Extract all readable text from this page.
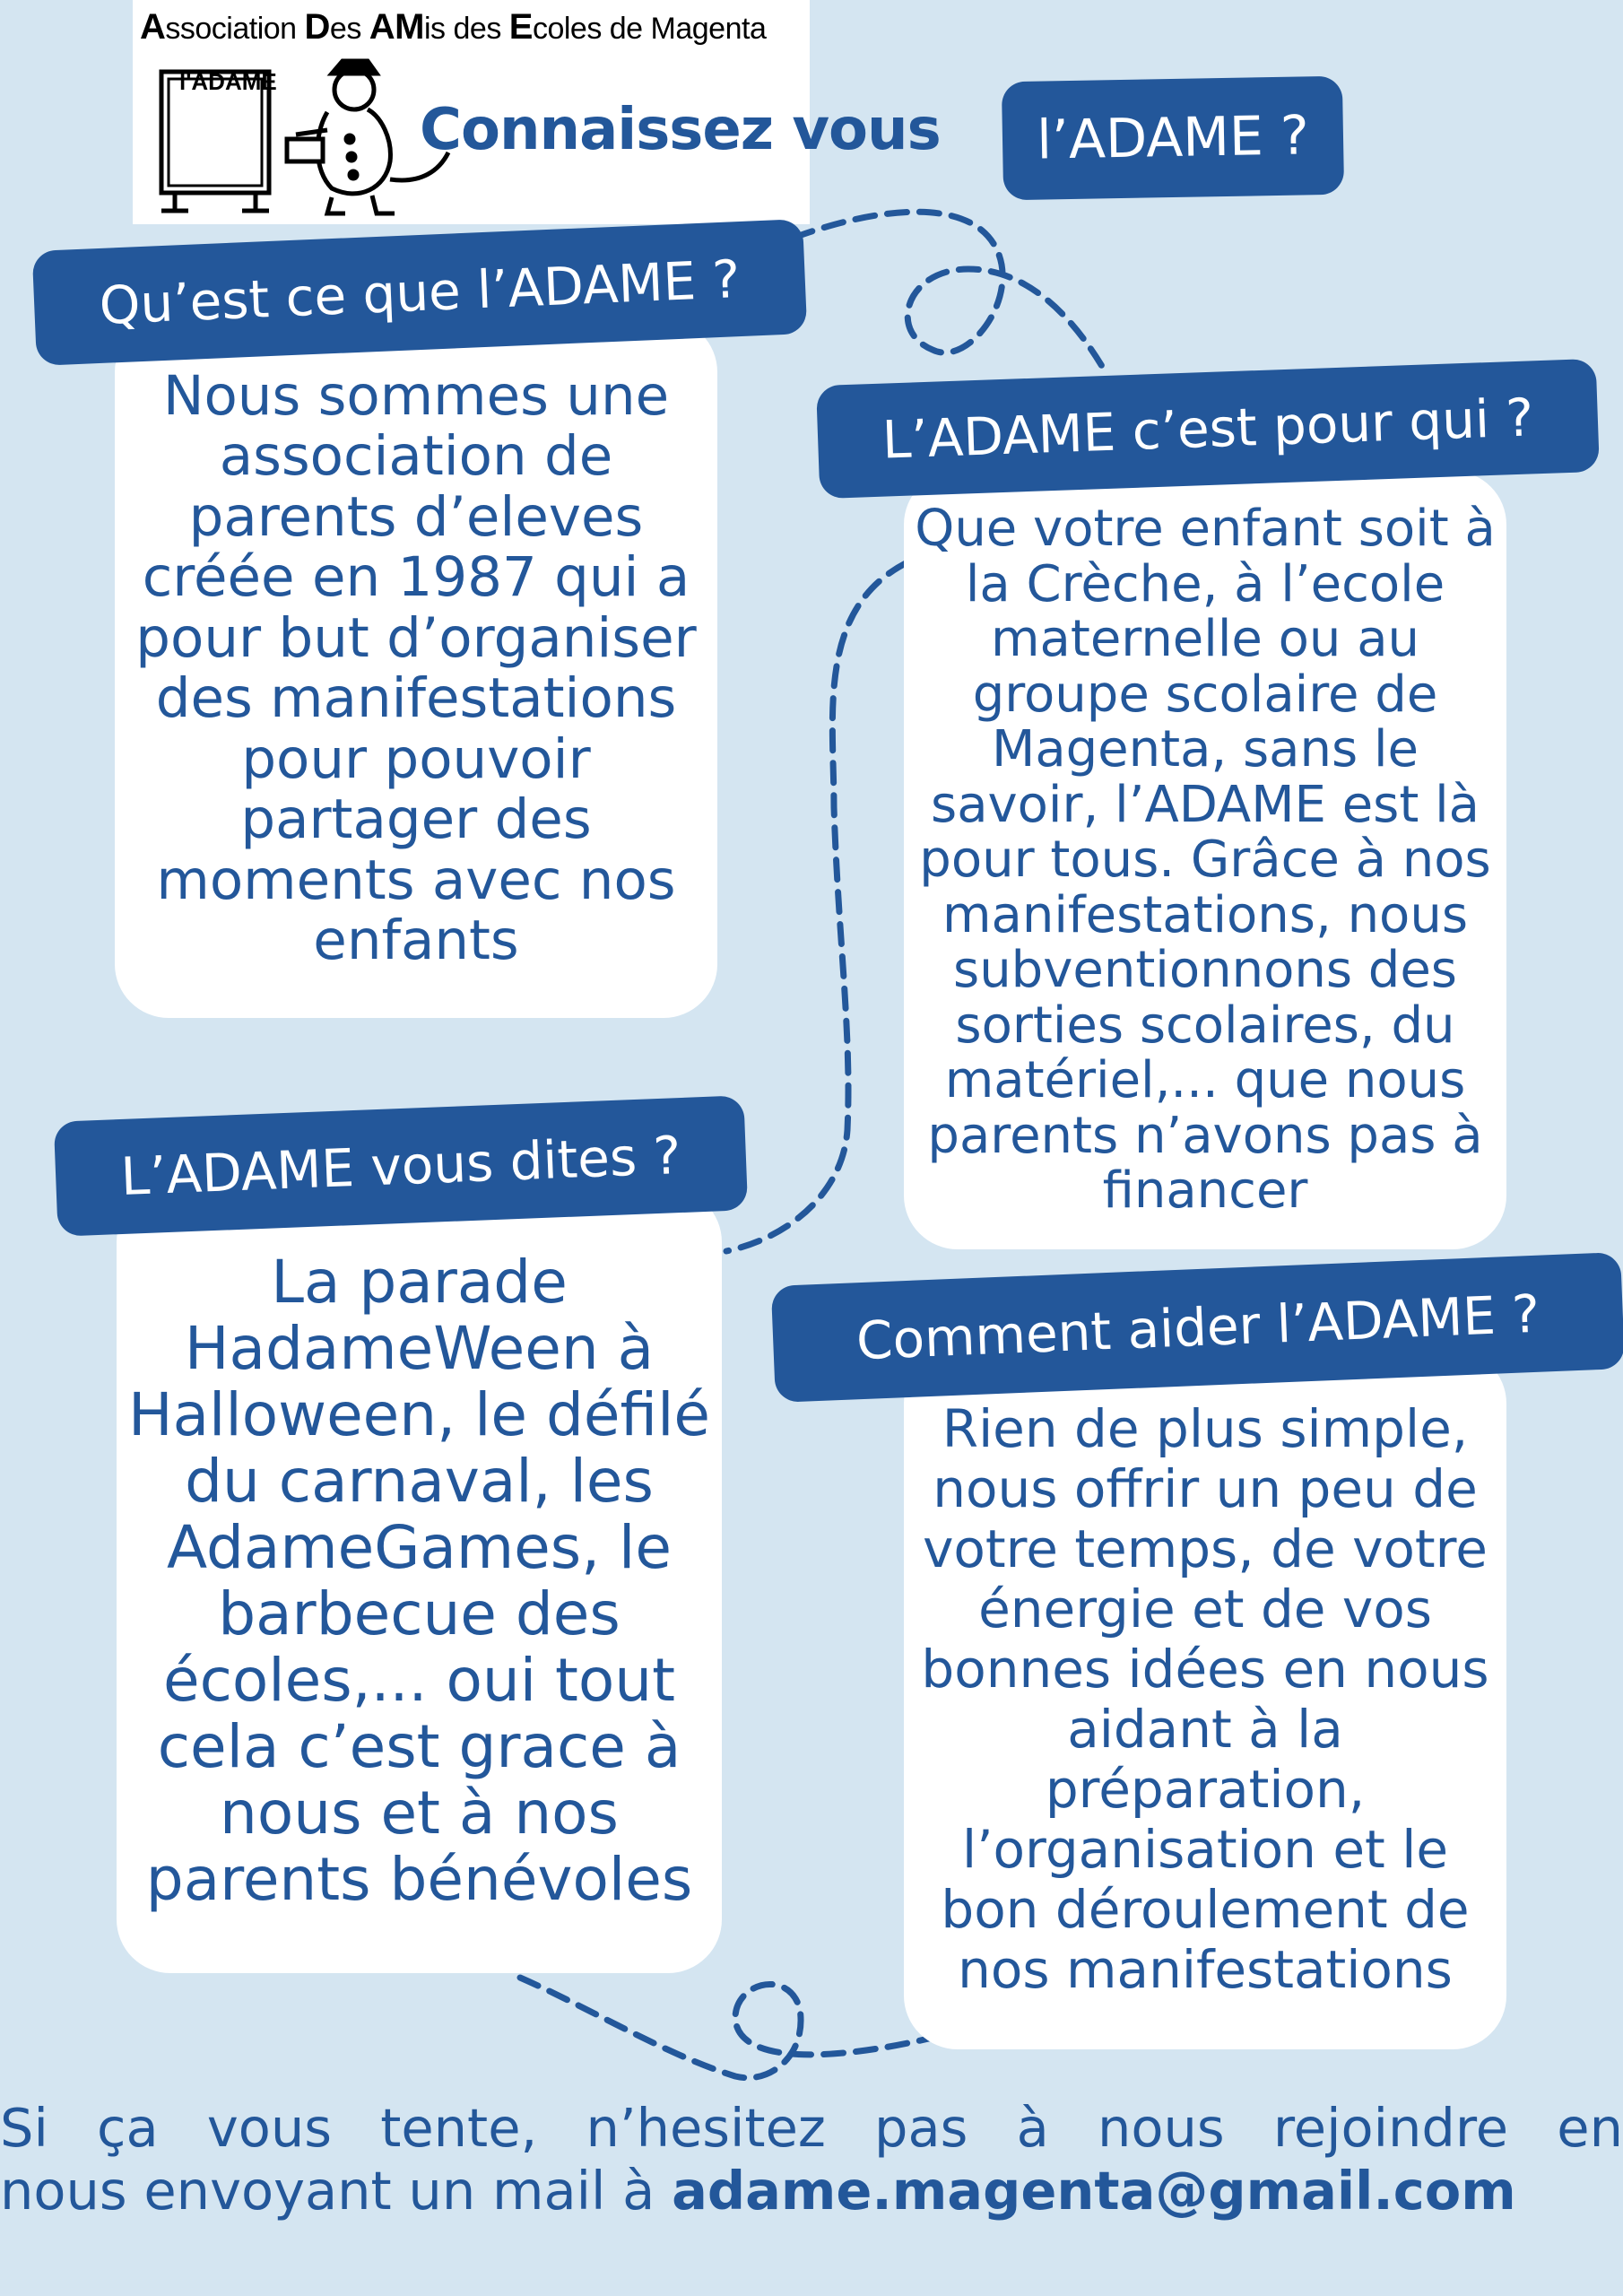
Association Des AMis des Ecoles de Magenta
l'ADAME
Connaissez vous	l’ADAME ?

Nous sommes une association de parents d’eleves créée en 1987 qui a pour but d’organiser des manifestations pour pouvoir partager des moments avec nos enfants

Qu’est ce que l’ADAME ?

Que votre enfant soit à la Crèche, à l’ecole maternelle ou au groupe scolaire de Magenta, sans le savoir, l’ADAME est là pour tous. Grâce à nos manifestations, nous subventionnons des sorties scolaires, du matériel,... que nous parents n’avons pas à financer

L’ADAME c’est pour qui ?

La parade HadameWeen à Halloween, le défilé du carnaval, les AdameGames, le barbecue des écoles,... oui tout cela c’est grace à nous et à nos parents bénévoles

L’ADAME vous dites ?

Rien de plus simple, nous offrir un peu de votre temps, de votre énergie et de vos bonnes idées en nous aidant à la préparation, l’organisation et le bon déroulement de nos manifestations

Comment aider l’ADAME ?
Si ça vous tente, n’hesitez pas à nous rejoindre en
nous envoyant un mail à adame.magenta@gmail.com
